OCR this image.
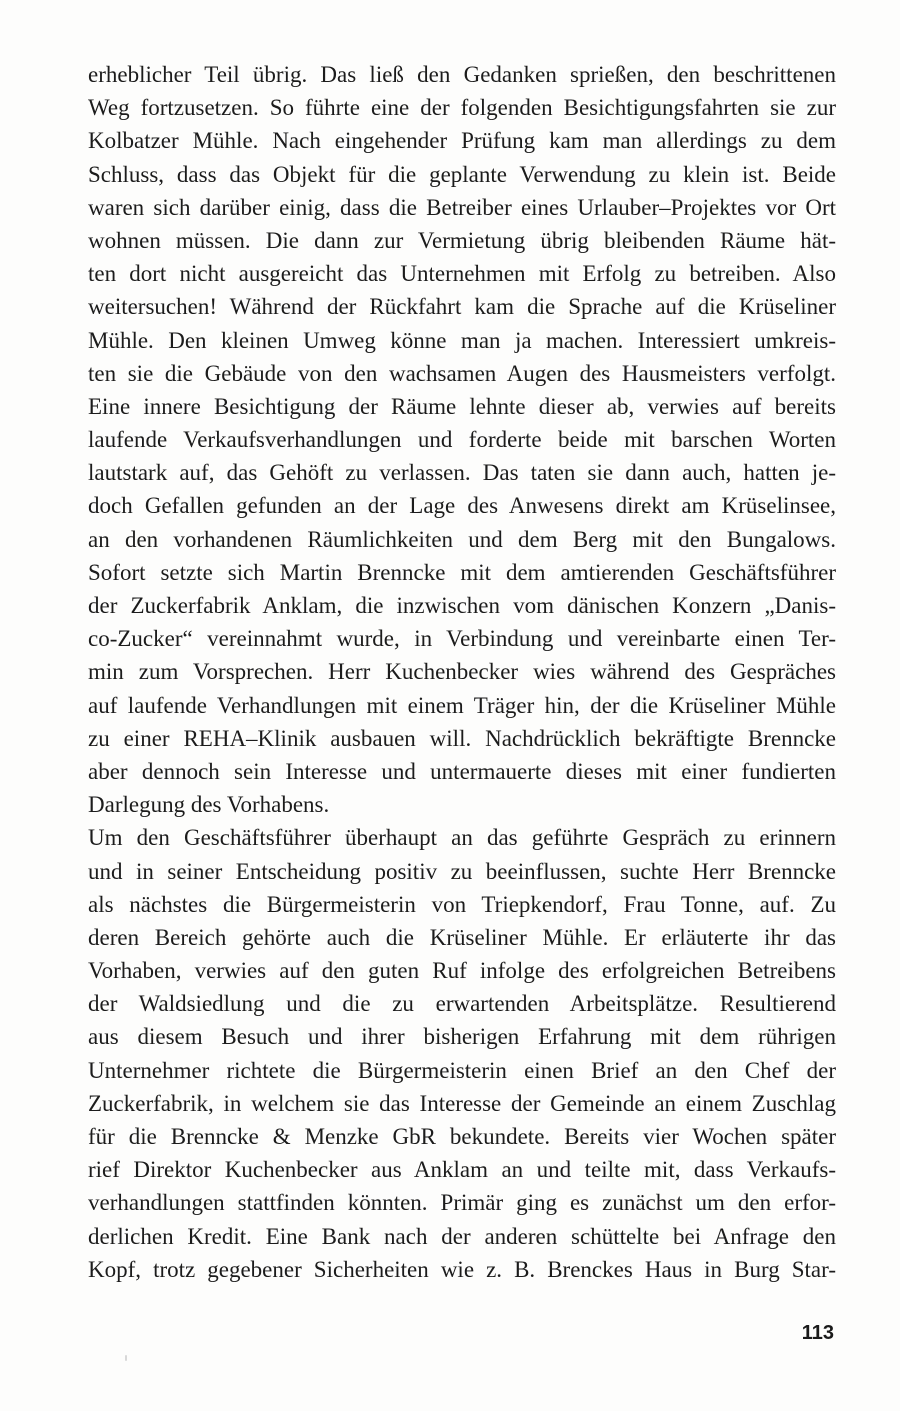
erheblicher Teil übrig. Das ließ den Gedanken sprießen, den beschrittenen
Weg fortzusetzen. So führte eine der folgenden Besichtigungsfahrten sie zur
Kolbatzer Mühle. Nach eingehender Prüfung kam man allerdings zu dem
Schluss, dass das Objekt für die geplante Verwendung zu klein ist. Beide
waren sich darüber einig, dass die Betreiber eines Urlauber–Projektes vor Ort
wohnen müssen. Die dann zur Vermietung übrig bleibenden Räume hät-
ten dort nicht ausgereicht das Unternehmen mit Erfolg zu betreiben. Also
weitersuchen! Während der Rückfahrt kam die Sprache auf die Krüseliner
Mühle. Den kleinen Umweg könne man ja machen. Interessiert umkreis-
ten sie die Gebäude von den wachsamen Augen des Hausmeisters verfolgt.
Eine innere Besichtigung der Räume lehnte dieser ab, verwies auf bereits
laufende Verkaufsverhandlungen und forderte beide mit barschen Worten
lautstark auf, das Gehöft zu verlassen. Das taten sie dann auch, hatten je-
doch Gefallen gefunden an der Lage des Anwesens direkt am Krüselinsee,
an den vorhandenen Räumlichkeiten und dem Berg mit den Bungalows.
Sofort setzte sich Martin Brenncke mit dem amtierenden Geschäftsführer
der Zuckerfabrik Anklam, die inzwischen vom dänischen Konzern „Danis-
co-Zucker“ vereinnahmt wurde, in Verbindung und vereinbarte einen Ter-
min zum Vorsprechen. Herr Kuchenbecker wies während des Gespräches
auf laufende Verhandlungen mit einem Träger hin, der die Krüseliner Mühle
zu einer REHA–Klinik ausbauen will. Nachdrücklich bekräftigte Brenncke
aber dennoch sein Interesse und untermauerte dieses mit einer fundierten
Darlegung des Vorhabens.
Um den Geschäftsführer überhaupt an das geführte Gespräch zu erinnern
und in seiner Entscheidung positiv zu beeinflussen, suchte Herr Brenncke
als nächstes die Bürgermeisterin von Triepkendorf, Frau Tonne, auf. Zu
deren Bereich gehörte auch die Krüseliner Mühle. Er erläuterte ihr das
Vorhaben, verwies auf den guten Ruf infolge des erfolgreichen Betreibens
der Waldsiedlung und die zu erwartenden Arbeitsplätze. Resultierend
aus diesem Besuch und ihrer bisherigen Erfahrung mit dem rührigen
Unternehmer richtete die Bürgermeisterin einen Brief an den Chef der
Zuckerfabrik, in welchem sie das Interesse der Gemeinde an einem Zuschlag
für die Brenncke & Menzke GbR bekundete. Bereits vier Wochen später
rief Direktor Kuchenbecker aus Anklam an und teilte mit, dass Verkaufs-
verhandlungen stattfinden könnten. Primär ging es zunächst um den erfor-
derlichen Kredit. Eine Bank nach der anderen schüttelte bei Anfrage den
Kopf, trotz gegebener Sicherheiten wie z. B. Brenckes Haus in Burg Star-
113
